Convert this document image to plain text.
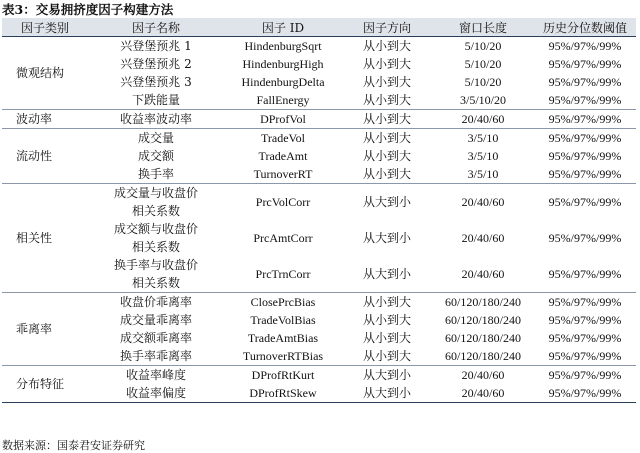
表3：交易拥挤度因子构建方法
因子类别	因子名称	因子 ID	因子方向	窗口长度	历史分位数阈值
微观结构	兴登堡预兆 1	HindenburgSqrt	从小到大	5/10/20	95%/97%/99%
	兴登堡预兆 2	HindenburgHigh	从小到大	5/10/20	95%/97%/99%
	兴登堡预兆 3	HindenburgDelta	从小到大	5/10/20	95%/97%/99%
	下跌能量	FallEnergy	从小到大	3/5/10/20	95%/97%/99%
波动率	收益率波动率	DProfVol	从小到大	20/40/60	95%/97%/99%
流动性	成交量	TradeVol	从小到大	3/5/10	95%/97%/99%
	成交额	TradeAmt	从小到大	3/5/10	95%/97%/99%
	换手率	TurnoverRT	从小到大	3/5/10	95%/97%/99%
相关性	成交量与收盘价	PrcVolCorr	从大到小	20/40/60	95%/97%/99%
	相关系数				
	成交额与收盘价	PrcAmtCorr	从大到小	20/40/60	95%/97%/99%
	相关系数				
	换手率与收盘价	PrcTrnCorr	从大到小	20/40/60	95%/97%/99%
	相关系数				
乖离率	收盘价乖离率	ClosePrcBias	从小到大	60/120/180/240	95%/97%/99%
	成交量乖离率	TradeVolBias	从小到大	60/120/180/240	95%/97%/99%
	成交额乖离率	TradeAmtBias	从小到大	60/120/180/240	95%/97%/99%
	换手率乖离率	TurnoverRTBias	从小到大	60/120/180/240	95%/97%/99%
分布特征	收益率峰度	DProfRtKurt	从大到小	20/40/60	95%/97%/99%
	收益率偏度	DProfRtSkew	从大到小	20/40/60	95%/97%/99%
数据来源：国泰君安证券研究
